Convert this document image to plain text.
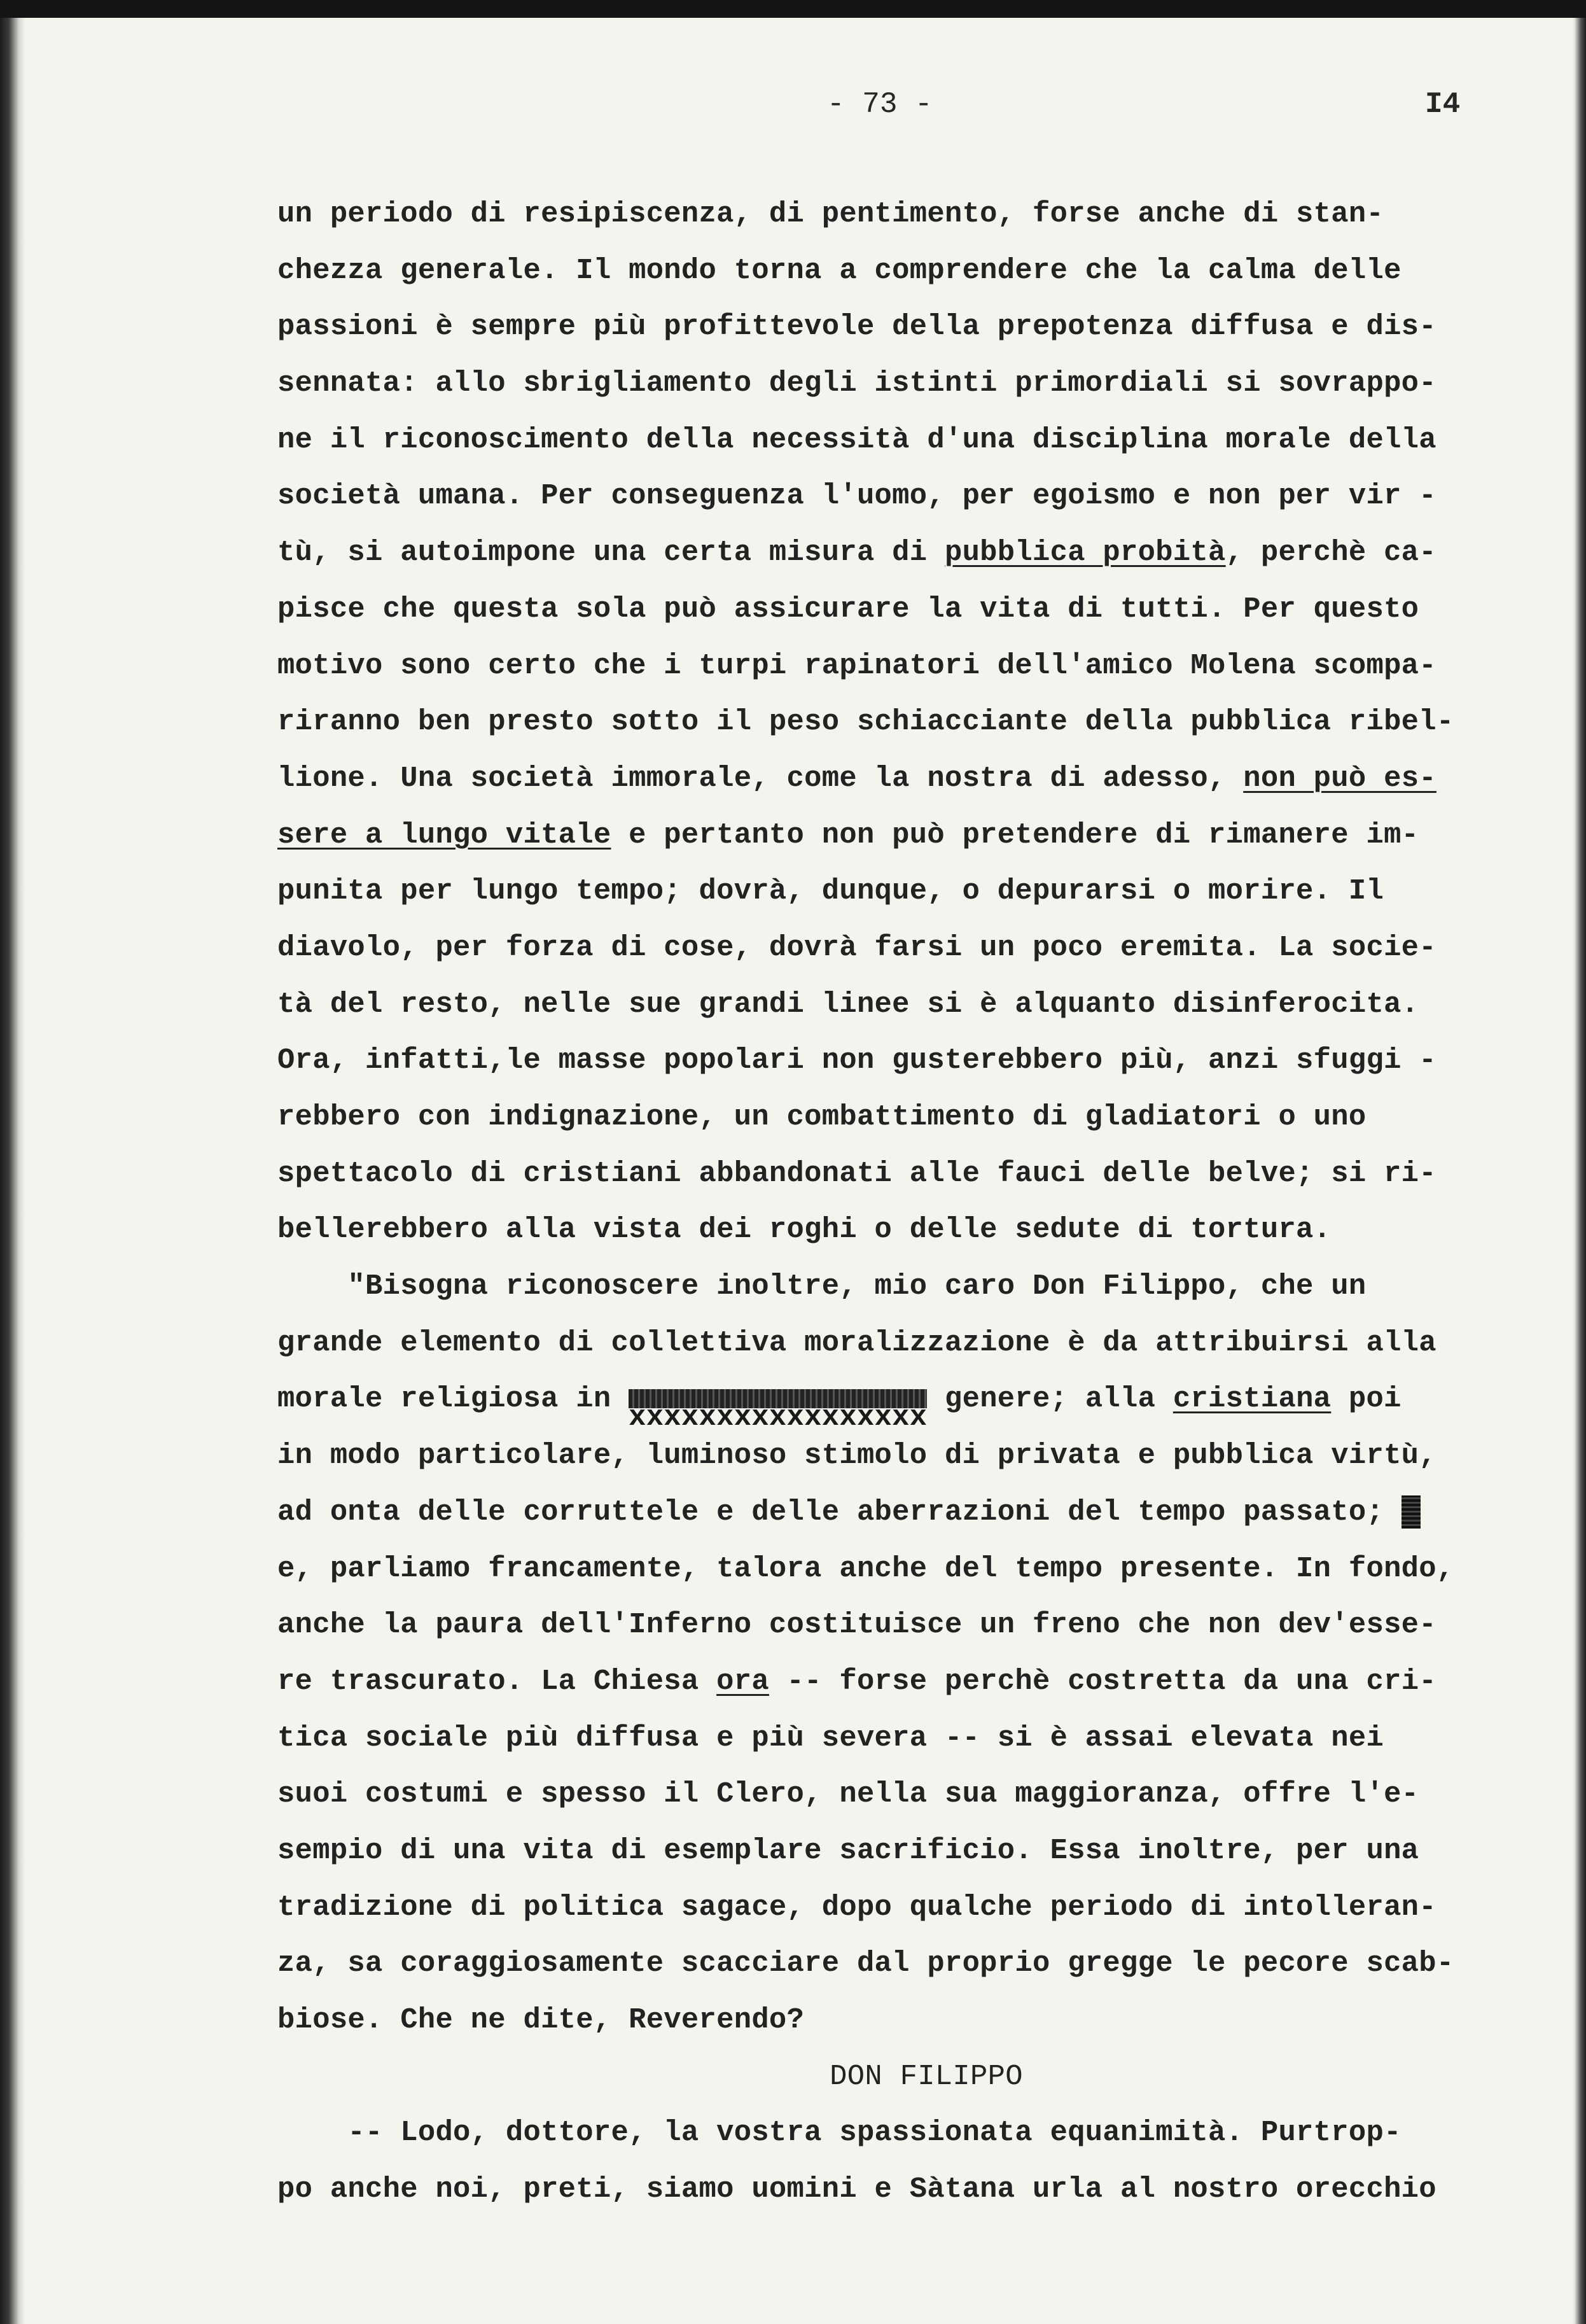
- 73 -	I4
un periodo di resipiscenza, di pentimento, forse anche di stan-
chezza generale. Il mondo torna a comprendere che la calma delle
passioni è sempre più profittevole della prepotenza diffusa e dis-
sennata: allo sbrigliamento degli istinti primordiali si sovrappo-
ne il riconoscimento della necessità d'una disciplina morale della
società umana. Per conseguenza l'uomo, per egoismo e non per vir -
tù, si autoimpone una certa misura di pubblica probità, perchè ca-
pisce che questa sola può assicurare la vita di tutti. Per questo
motivo sono certo che i turpi rapinatori dell'amico Molena scompa-
riranno ben presto sotto il peso schiacciante della pubblica ribel-
lione. Una società immorale, come la nostra di adesso, non può es-
sere a lungo vitale e pertanto non può pretendere di rimanere im-
punita per lungo tempo; dovrà, dunque, o depurarsi o morire. Il
diavolo, per forza di cose, dovrà farsi un poco eremita. La socie-
tà del resto, nelle sue grandi linee si è alquanto disinferocita.
Ora, infatti,le masse popolari non gusterebbero più, anzi sfuggi -
rebbero con indignazione, un combattimento di gladiatori o uno
spettacolo di cristiani abbandonati alle fauci delle belve; si ri-
bellerebbero alla vista dei roghi o delle sedute di tortura.
"Bisogna riconoscere inoltre, mio caro Don Filippo, che un
grande elemento di collettiva moralizzazione è da attribuirsi alla
morale religiosa in xxxxxxxxxxxxxxxxx genere; alla cristiana poi
in modo particolare, luminoso stimolo di privata e pubblica virtù,
ad onta delle corruttele e delle aberrazioni del tempo passato;
e, parliamo francamente, talora anche del tempo presente. In fondo,
anche la paura dell'Inferno costituisce un freno che non dev'esse-
re trascurato. La Chiesa ora -- forse perchè costretta da una cri-
tica sociale più diffusa e più severa -- si è assai elevata nei
suoi costumi e spesso il Clero, nella sua maggioranza, offre l'e-
sempio di una vita di esemplare sacrificio. Essa inoltre, per una
tradizione di politica sagace, dopo qualche periodo di intolleran-
za, sa coraggiosamente scacciare dal proprio gregge le pecore scab-
biose. Che ne dite, Reverendo?
DON FILIPPO
-- Lodo, dottore, la vostra spassionata equanimità. Purtrop-
po anche noi, preti, siamo uomini e Sàtana urla al nostro orecchio
